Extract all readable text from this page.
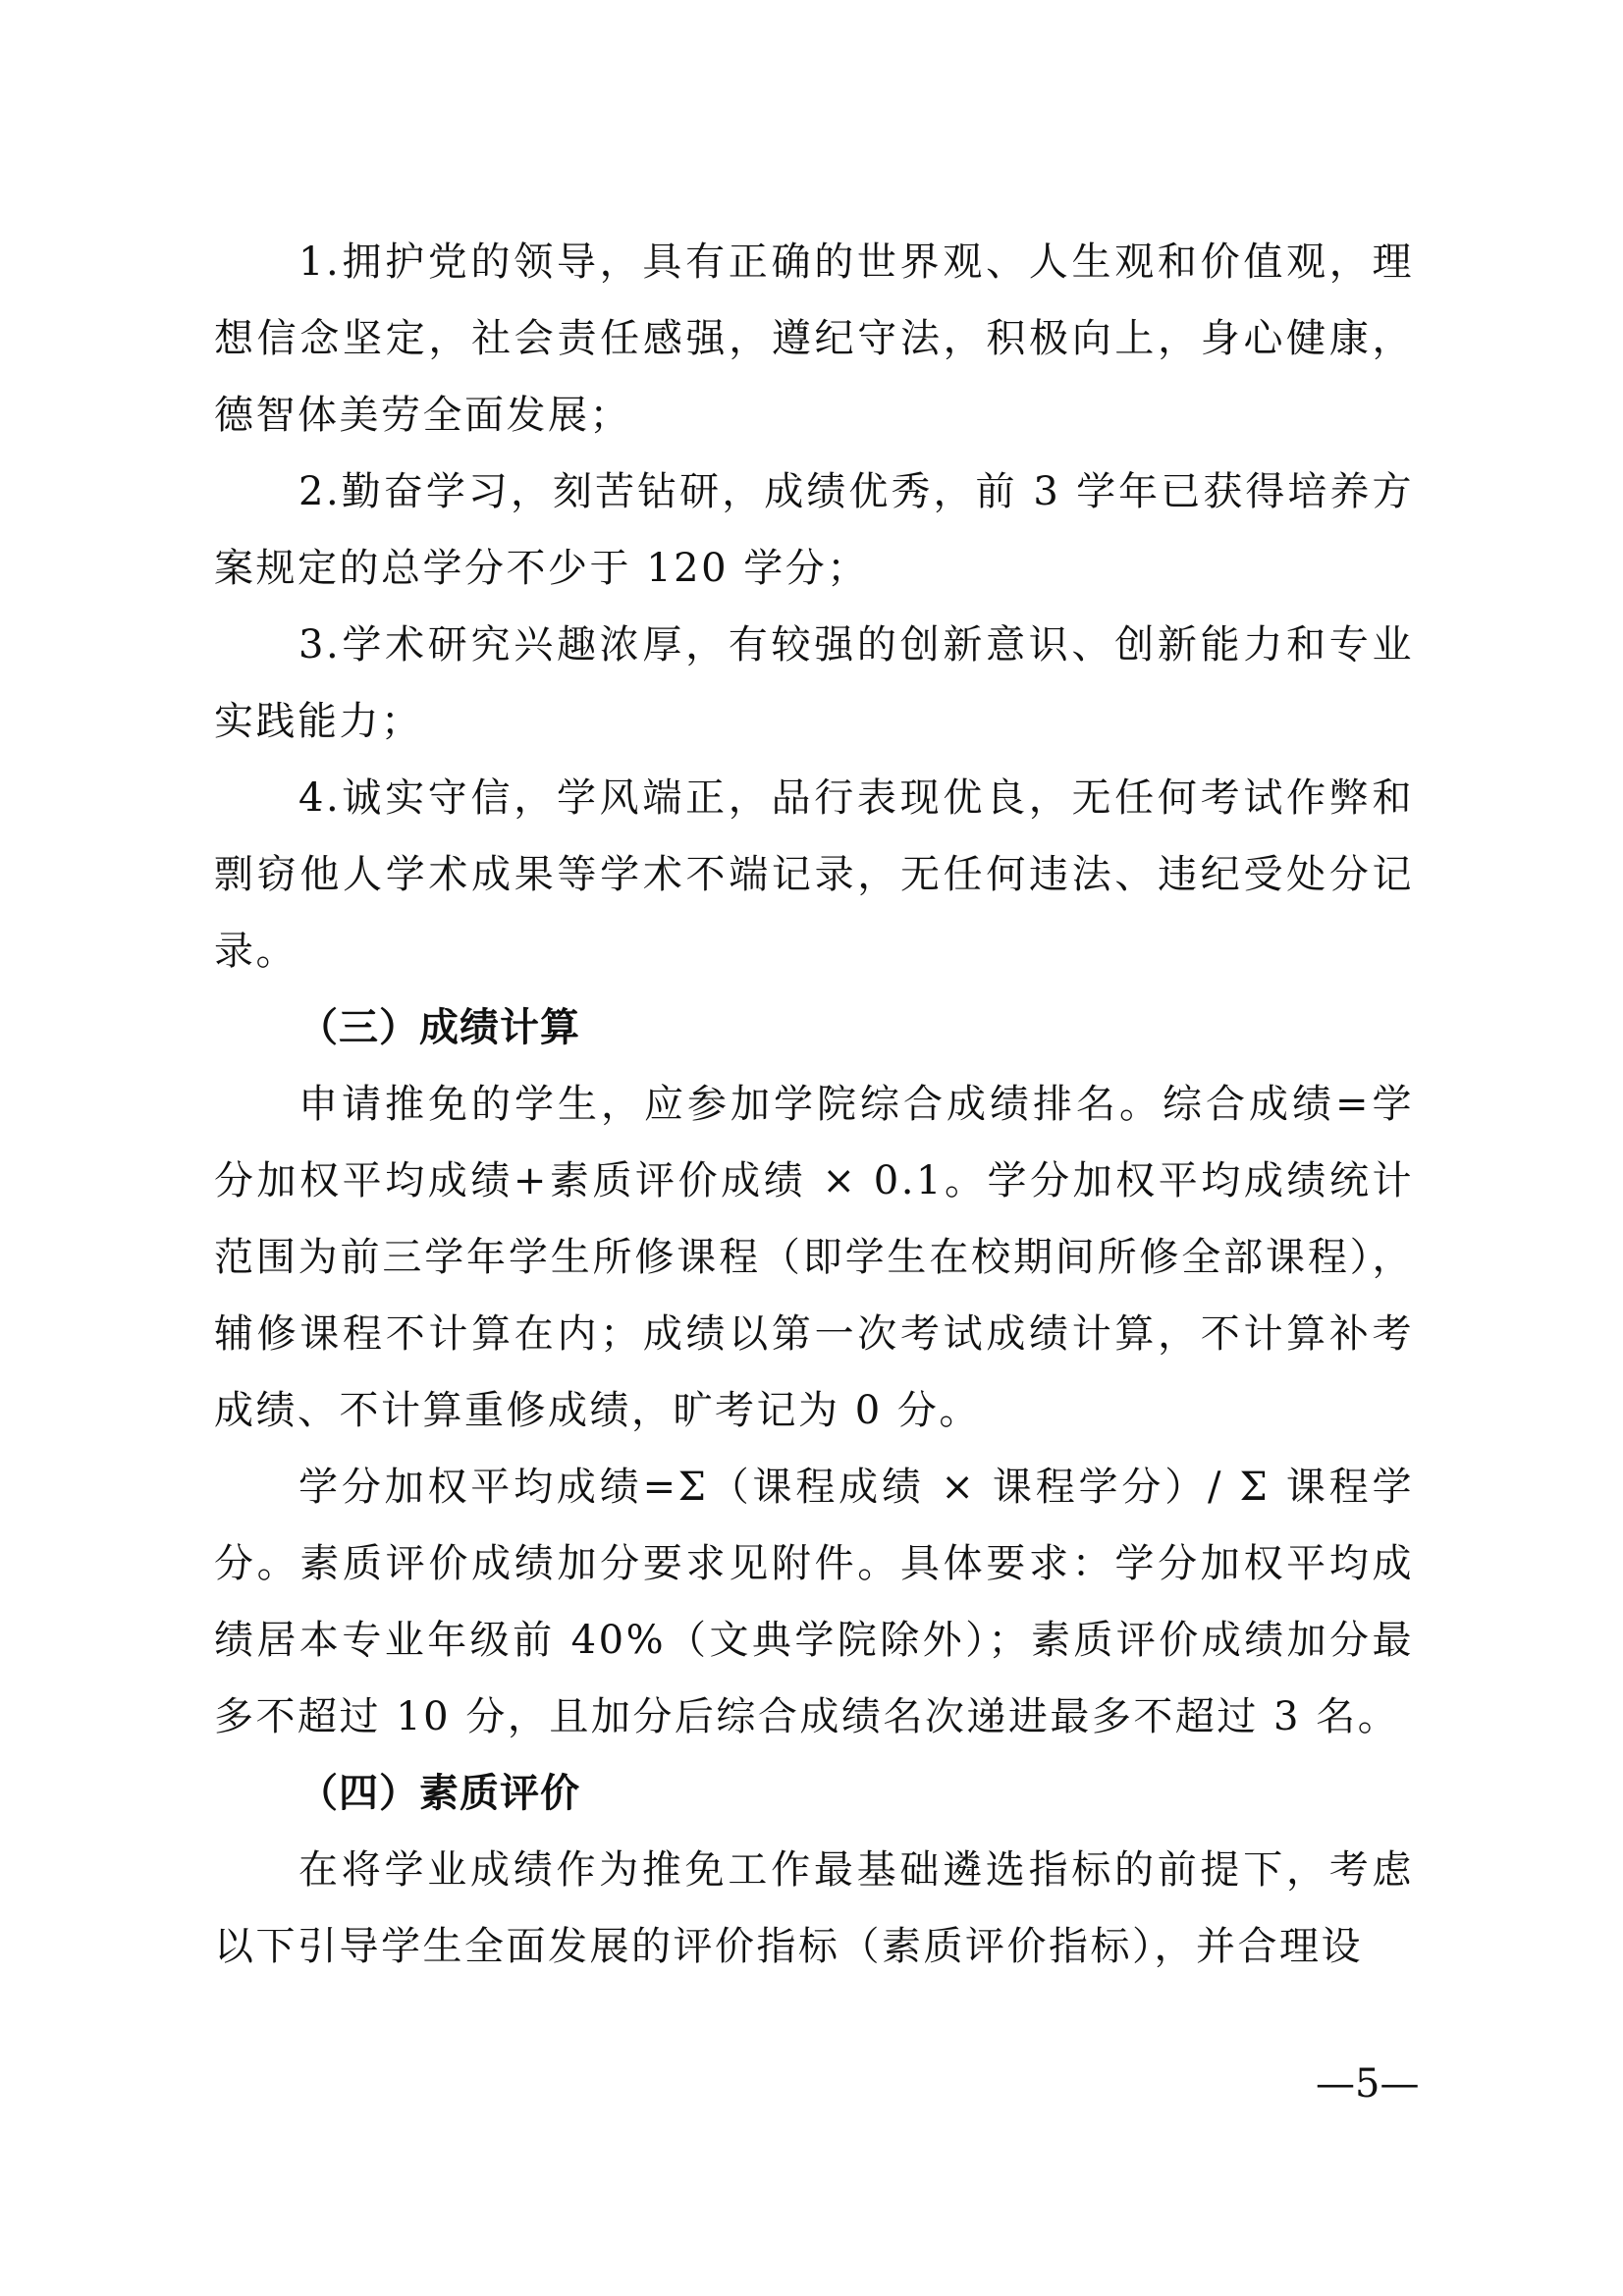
1.拥护党的领导，具有正确的世界观、人生观和价值观，理想信念坚定，社会责任感强，遵纪守法，积极向上，身心健康，德智体美劳全面发展；

2.勤奋学习，刻苦钻研，成绩优秀，前 3 学年已获得培养方案规定的总学分不少于 120 学分；

3.学术研究兴趣浓厚，有较强的创新意识、创新能力和专业实践能力；

4.诚实守信，学风端正，品行表现优良，无任何考试作弊和剽窃他人学术成果等学术不端记录，无任何违法、违纪受处分记录。

（三）成绩计算

申请推免的学生，应参加学院综合成绩排名。综合成绩=学分加权平均成绩+素质评价成绩 × 0.1。学分加权平均成绩统计范围为前三学年学生所修课程（即学生在校期间所修全部课程），辅修课程不计算在内；成绩以第一次考试成绩计算，不计算补考成绩、不计算重修成绩，旷考记为 0 分。

学分加权平均成绩=Σ（课程成绩 × 课程学分）/ Σ 课程学分。素质评价成绩加分要求见附件。具体要求：学分加权平均成绩居本专业年级前 40%（文典学院除外）；素质评价成绩加分最多不超过 10 分，且加分后综合成绩名次递进最多不超过 3 名。

（四）素质评价

在将学业成绩作为推免工作最基础遴选指标的前提下，考虑以下引导学生全面发展的评价指标（素质评价指标），并合理设

—5—
